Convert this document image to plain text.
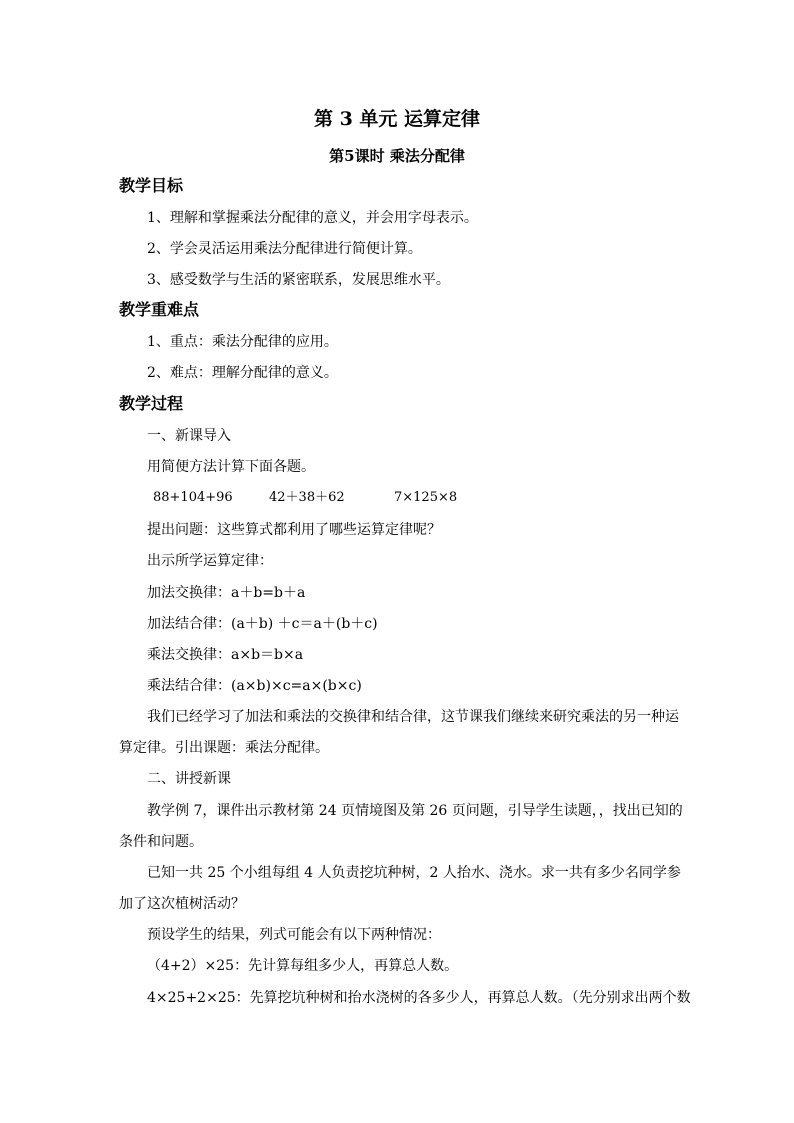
第 3 单元 运算定律
第5课时 乘法分配律
教学目标
1、理解和掌握乘法分配律的意义，并会用字母表示。
2、学会灵活运用乘法分配律进行简便计算。
3、感受数学与生活的紧密联系，发展思维水平。
教学重难点
1、重点：乘法分配律的应用。
2、难点：理解分配律的意义。
教学过程
一、新课导入
用简便方法计算下面各题。
88+104+96	42＋38＋62	7×125×8
提出问题：这些算式都利用了哪些运算定律呢？
出示所学运算定律：
加法交换律：a＋b=b＋a
加法结合律：(a＋b) ＋c＝a＋(b＋c)
乘法交换律：a×b＝b×a
乘法结合律：(a×b)×c=a×(b×c)
我们已经学习了加法和乘法的交换律和结合律，这节课我们继续来研究乘法的另一种运
算定律。引出课题：乘法分配律。
二、讲授新课
教学例 7，课件出示教材第 24 页情境图及第 26 页问题，引导学生读题，，找出已知的
条件和问题。
已知一共 25 个小组每组 4 人负责挖坑种树，2 人抬水、浇水。求一共有多少名同学参
加了这次植树活动？
预设学生的结果，列式可能会有以下两种情况：
（4+2）×25：先计算每组多少人，再算总人数。
4×25+2×25：先算挖坑种树和抬水浇树的各多少人，再算总人数。（先分别求出两个数
